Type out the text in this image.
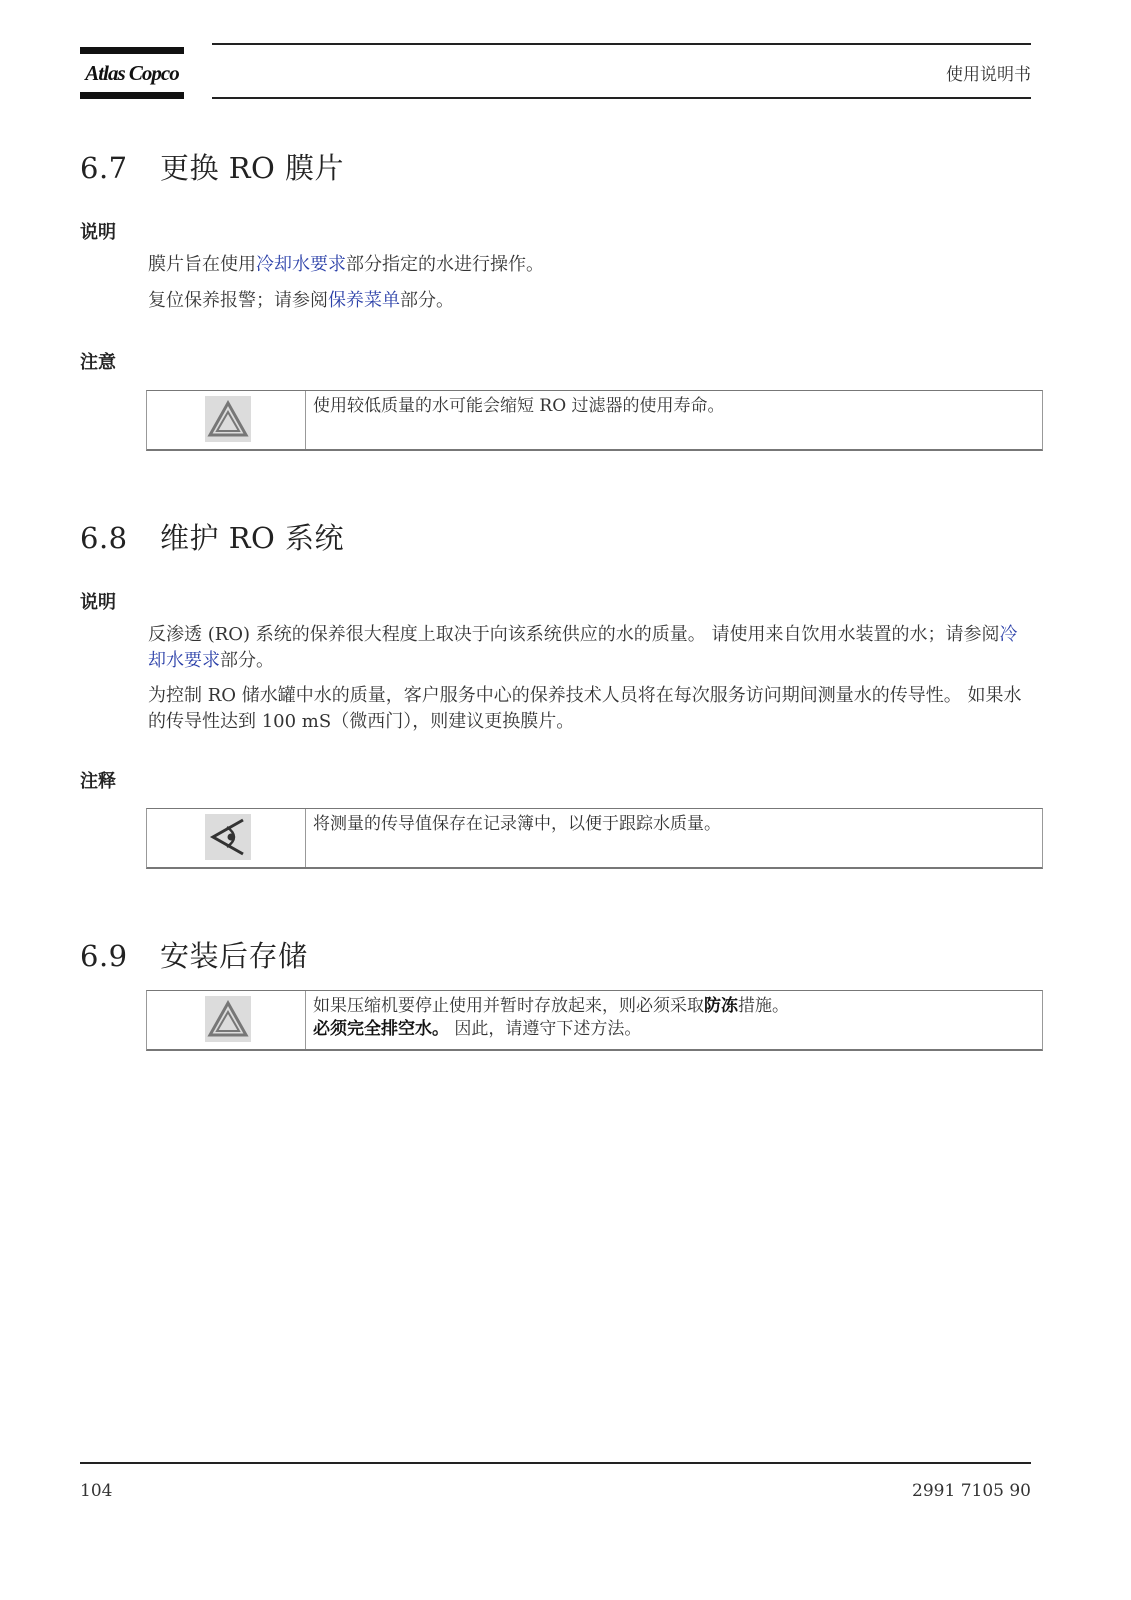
Atlas Copco	使用说明书
6.7 更换 RO 膜片
说明
膜片旨在使用冷却水要求部分指定的水进行操作。
复位保养报警；请参阅保养菜单部分。
注意
使用较低质量的水可能会缩短 RO 过滤器的使用寿命。
6.8 维护 RO 系统
说明
反渗透 (RO) 系统的保养很大程度上取决于向该系统供应的水的质量。 请使用来自饮用水装置的水；请参阅冷却水要求部分。
为控制 RO 储水罐中水的质量，客户服务中心的保养技术人员将在每次服务访问期间测量水的传导性。 如果水的传导性达到 100 mS（微西门），则建议更换膜片。
注释
将测量的传导值保存在记录簿中，以便于跟踪水质量。
6.9 安装后存储
如果压缩机要停止使用并暂时存放起来，则必须采取防冻措施。
必须完全排空水。 因此，请遵守下述方法。
104	2991 7105 90
